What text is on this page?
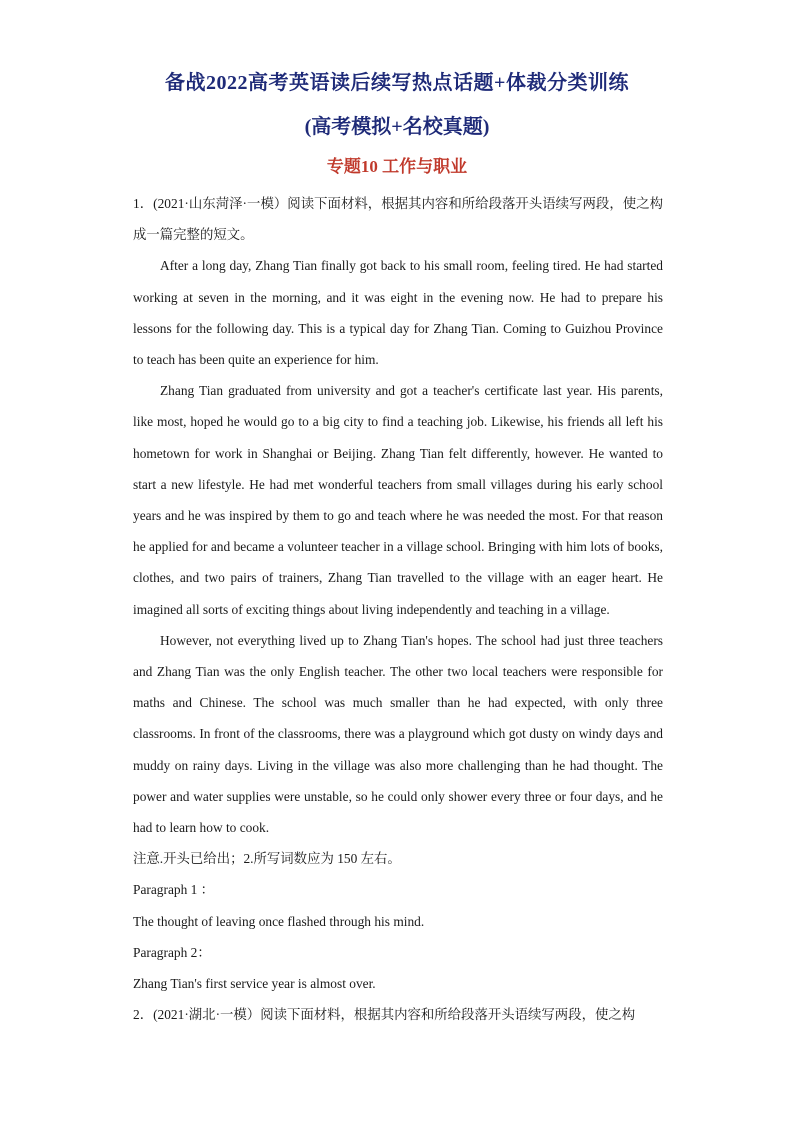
备战2022高考英语读后续写热点话题+体裁分类训练
(高考模拟+名校真题)
专题10 工作与职业

1．(2021·山东菏泽·一模）阅读下面材料，根据其内容和所给段落开头语续写两段，使之构成一篇完整的短文。

After a long day, Zhang Tian finally got back to his small room, feeling tired. He had started working at seven in the morning, and it was eight in the evening now. He had to prepare his lessons for the following day. This is a typical day for Zhang Tian. Coming to Guizhou Province to teach has been quite an experience for him.

Zhang Tian graduated from university and got a teacher's certificate last year. His parents, like most, hoped he would go to a big city to find a teaching job. Likewise, his friends all left his hometown for work in Shanghai or Beijing. Zhang Tian felt differently, however. He wanted to start a new lifestyle. He had met wonderful teachers from small villages during his early school years and he was inspired by them to go and teach where he was needed the most. For that reason he applied for and became a volunteer teacher in a village school. Bringing with him lots of books, clothes, and two pairs of trainers, Zhang Tian travelled to the village with an eager heart. He imagined all sorts of exciting things about living independently and teaching in a village.

However, not everything lived up to Zhang Tian's hopes. The school had just three teachers and Zhang Tian was the only English teacher. The other two local teachers were responsible for maths and Chinese. The school was much smaller than he had expected, with only three classrooms. In front of the classrooms, there was a playground which got dusty on windy days and muddy on rainy days. Living in the village was also more challenging than he had thought. The power and water supplies were unstable, so he could only shower every three or four days, and he had to learn how to cook.

注意.开头已给出；2.所写词数应为 150 左右。

Paragraph 1 ：

The thought of leaving once flashed through his mind.

Paragraph 2：

Zhang Tian's first service year is almost over.

2．(2021·湖北·一模）阅读下面材料，根据其内容和所给段落开头语续写两段，使之构
